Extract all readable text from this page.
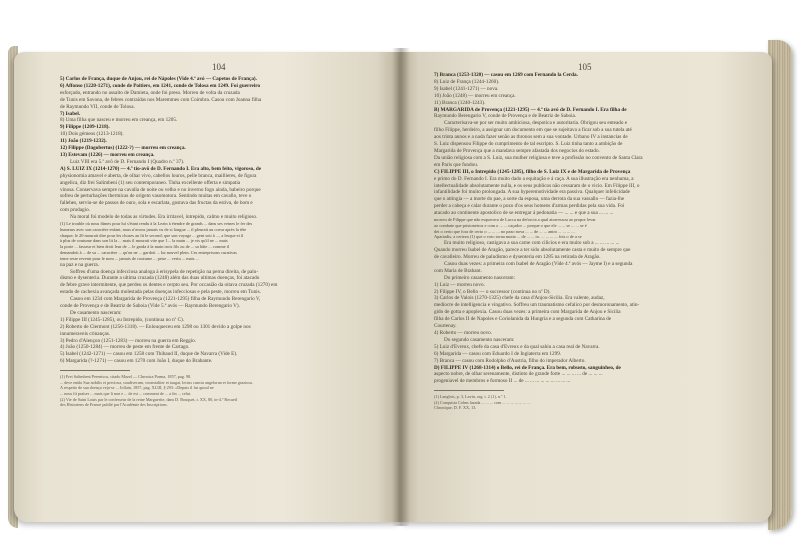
104
5) Carlos de França, duque de Anjou, rei de Nápoles (Vide 4.ª avó — Capetos de França).
6) Affonso (1220-1271), conde de Poitiers, em 1241, conde de Tolosa em 1249. Foi guerreiro
esforçado, entrando no assalto de Damieta, onde foi preso. Morreu de volta da cruzada
de Tunis em Savona, de febres contraídas nos Maremmes com Coimbra. Casou com Joanna filha
de Raymundo VII, conde de Tolosa.
7) Isabel.
8) Uma filha que nasceu e morreu em creança, em 1205.
9) Filippe (1209-1218).
10) Dois gémeos (1213-1218).
11) João (1219-1232).
12) Filippe (Dagobertus) (1222-?) — morreu em creança.
13) Estevam (1226) — morreu em creança.
Luiz VIII era 5.º avô de D. Fernando I (Quadro n.º 37).
A) S. LUIZ IX (1214-1270) — 4.º tio-avô de D. Fernando I. Era alto, bem feito, vigoroso, de
physionomia amavel e aberta, de olhar vivo, cabellos louros, pelle branca, maillieres, de figura
angelica, diz frei Salimbeni (1) seu contemporaneo. Tinha excellente offerta e simpatia
vinosa. Conservava sempre na cavalla de noite ou velho e no inverno fogo ainda, babeiro porque
sofreu de perturbações thermicas de origem vasomotora. Sentindo muitas em cavallo, teve o
fallehes, serviu-se de passos de ouro, sola e escarlata, gostava das fructas da estiva, de bom e
com prudagio.
Na moral foi modelo de todas as virtudes. Era irritavel, intrepido, calmo e muito religioso.
(1) Le trouble où nous fûmes pour lui s'étant rendu à la Lezin à étendre de grands ... dans ses veines le fer des
humeurs avec son caractère enfant, nous n'avons jamais vu de si longue ... il pleurait au coeur après la tête
chaque; le 20 mourait dire pour les choses au lit le second; que son voyage ... gent soit à ..., a lesque et il
à plus de coutume dans son lit la ... mais il mourait vite que 1... la main ... je vis qu'il ne ... mais
la porte ... fasseur et bien droit leur de ... le garda à la main trois fils ou de ... sa hâte ... comme il
demandoit à ... de sa ... caractère ... qu'on ne ... gardoit ... lui nouvel plein. Ces entreprisons curativas
teme reste revenir pour le nom ... jamais de coutume ... prise ... vertu ... mais ...
na paz e na guerra.
Soffreu d'uma doença infecciosa analoga á erisypela de repetição na perna direita, de palu-
dismo e dysenteria. Durante a ultima cruzada (1248) além das duas ultimas doenças, foi atacado
de febre grave intermitente, que perdeu os dentes e cerpto seu. Por occasião da oitava cruzada (1270) em
estado de cachexia avançada molestada pelas doenças infecciosas e pela peste, morreu em Tunis.
Casou em 1234 com Margarida de Provença (1221-1295) filha de Raymundo Berengario V,
conde de Provença e de Beatriz de Saboia (Vide 5.ª avós — Raymundo Berengario V).
De casamento nasceram:
1) Filippe III (1245-1285), ou Intrepido, (continua no nº C).
2) Roberto de Clermont (1256-1318). — Enlouqueceu em 1298 ou 1301 devido a golpe nos
innumeraveis crinanças.
3) Pedro d'Alençon (1251-1283) — morreu na guerra em Reggio.
4) João (1250-1284) — morreu de peste em frente de Cartago.
5) Isabel (1242-1271) — casou em 1258 com Thibaud II, duque de Navarra (Vide E).
6) Margarida (?-1271) — casou em 1270 com João I, duque do Brabante.
(1) Frei Salimbeni Pereniscu, citado Mazel — Chronica Parma, 1857, pag. 98.
... deve então Sua nobilis et preciosa, soudiverum, voonstaliter et taugat, lectus cuncta angelorun et forme graziosa.
A respeito de sua doença veja-se ... Jollain, 1857, pag. XLIII, § 293: «Depuis il fut quoul ne
... nous fit praiser ... mais que li non e ... de est ... comment de ... a fin ... celui.
(2) Vie de Saint Louis par le confesseur de la reine Marguerite, dans D. Bouquet, t. XX, 80, in-4.º Recueil
des Historiens de France publié par l'Académie des Inscriptions.
105
7) Branca (1253-1320) — casou em 1269 com Fernando la Cerda.
8) Luiz de França (1244-1260).
9) Isabel (1241-1271) — nova.
10) João (1248) — morreu em creança.
11) Branca (1240-1243).
B) MARGARIDA de Provença (1221-1295) — 4.ª tia avó de D. Fernando I. Era filha de
Raymundo Berengario V, conde de Provença e de Beatriz de Saboia.
Caracterisava-se por ser muito ambiciosa, despotica e autoritaria. Obrigou seu enteado e
filho Filippe, herdeiro, a assignar um documento em que se sujeitava a ficar sob a sua tutela até
aos trinta annos e a nada fazer senão as thronos sem a sua vontade. Urbano IV a instancias de
S. Luiz dispensou Filippe do cumprimento de tal escripto. S. Luiz tinha tanto a ambição de
Margarida de Provença que a mandava sempre afastada dos negocios do estado.
Da união religiosa com a S. Luiz, sua mulher religiosa e teve a profissão no convento de Santa Clara
em Paris que fundou.
C) FILIPPE III, o Intrepido (1245-1285), filho de S. Luiz IX e de Margarida de Provença
e primo do D. Fernando I. Era muito dado a equitação e á caça. A sua illustração era nenhuma, a
intellectualidade absolutamente nulla, e os seus publicos não cessaram de o vicio. Em Filippe III, o
infantilidade foi muito prolongada. A sua hyperemotividade era passiva. Qualquer infelicidade
que o attingia — a morte do pae, a sorte da esposa, uma derrota da sua vassallo — fazia-lhe
perder a cabeça e calar durante o pozo d'os seus homens d'armas perdidas pela sua vida. Foi
atacado ao continente apostolico de se entregar á pedonatia — ... ... e que a sua ... ... ...
morreu de Filippe que não esquecera de Lucca na deforcia a qual atravessou ao propor levar
ao combate que prisioneiros e com o ... ... caçador ... porque o que ele ... ... se ... ... se é
dei o certo que fora de certo o ... ... ... no pazo nova ... ... de ... ... antro ... ... ... ...
Apartadis, a certeza (1) que o voto torna muito ... de ... ... to. ... ... ... ... fois o de a se
Era muito religioso, castigava a sua carne com cilicios e era muito sob a ... ... ... ... ...
Quando morreu Isabel de Aragão, parece a ter sido absolutamente casta e muito de sempre que
de cavalleiro. Morreu de paludismo e dysenteria em 1285 na retirada de Aragão.
Casou duas vezes: a primeira com Isabel de Aragão (Vide 4.ª avós — Jayme I) e a segunda
com Maria de Brabant.
Do primeiro casamento nasceram:
1) Luiz — morreu novo.
2) Filippe IV, o Bello — o successor (continua no nº D).
3) Carlos de Valois (1270-1325) chefe da casa d'Anjou-Sicilia. Era valente, audaz,
medíocre de intelligencia e vingativo. Soffreu um traumatismo cefalico por desmoronamento, atin-
gido de gotta e apoplexia. Casou duas vezes: a primeira com Margarida de Anjou e Sicilia
filha de Carlos II de Napoles e Coriolanida da Hungria e a segunda com Catharina de
Courtenay.
4) Roberto — morreu novo.
Do segundo casamento nasceram:
5) Luiz d'Evreux, chefe da casa d'Evreux e da qual sahiu a casa real de Navarra.
6) Margarida — casou com Eduardo I de Inglaterra em 1299.
7) Branca — casou com Rodolpho d'Austria, filho do imperador Alberto.
D) FILIPPE IV (1268-1314) o Bello, rei de França. Era bem, robusto, sanguinheo, de
aspecto nobre, de olhar serenamente, distinto de grande forte ... ... ... ... de ... ... ...
progeniavel de membros e formoso II ... de ... ... ... ... ... ... ... ... ...
(1) Langlois, p. 3, Lavin, org. t. 2 (1), n.º 1.
(2) Conquista Cohns lazada ... ... ... com ... ... ... ... ... ... ...
Chronique, D. F. XX, 13.
